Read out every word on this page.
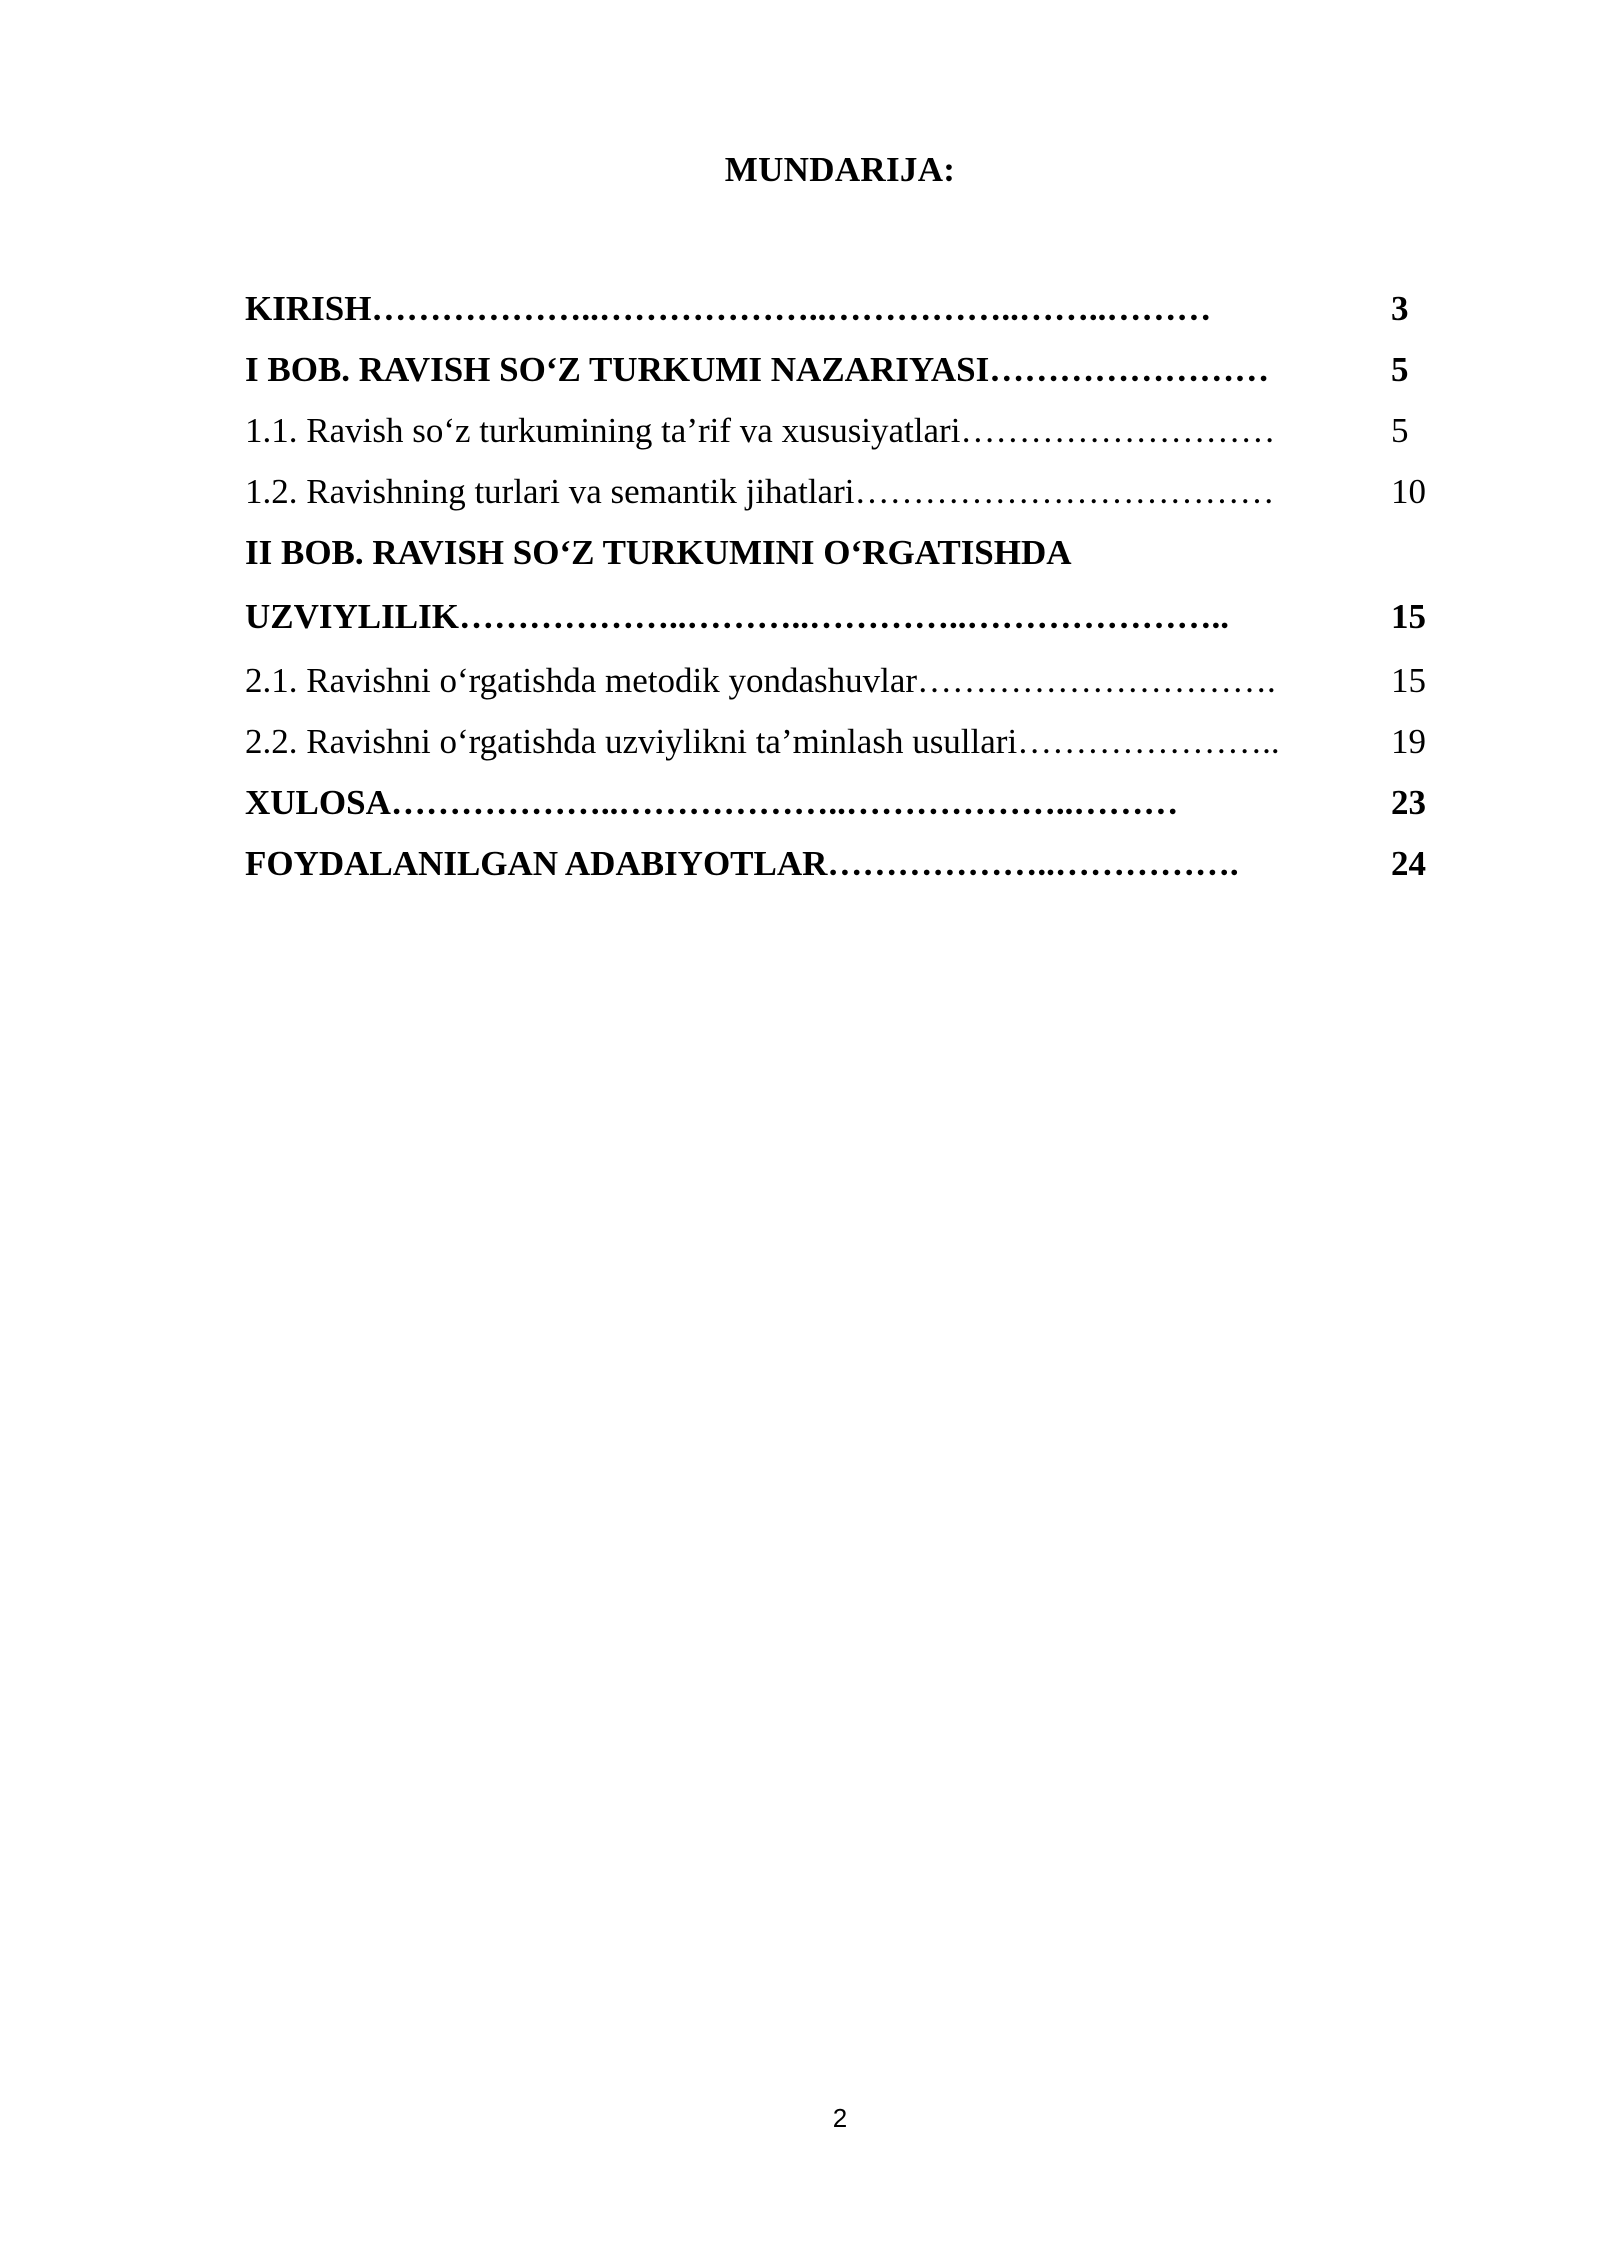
MUNDARIJA:
KIRISH………………..………………..……………..……..………	3
I BOB. RAVISH SO‘Z TURKUMI NAZARIYASI……………………	5
1.1. Ravish so‘z turkumining ta’rif va xususiyatlari………………………	5
1.2. Ravishning turlari va semantik jihatlari………………………………	10
II BOB. RAVISH SO‘Z TURKUMINI O‘RGATISHDA
UZVIYLILIK………………..………..…………..…………………..	15
2.1. Ravishni o‘rgatishda metodik yondashuvlar………………………….	15
2.2. Ravishni o‘rgatishda uzviylikni ta’minlash usullari…………………..	19
XULOSA………………..………………..………………..………	23
FOYDALANILGAN ADABIYOTLAR………………..…………….	24
2
